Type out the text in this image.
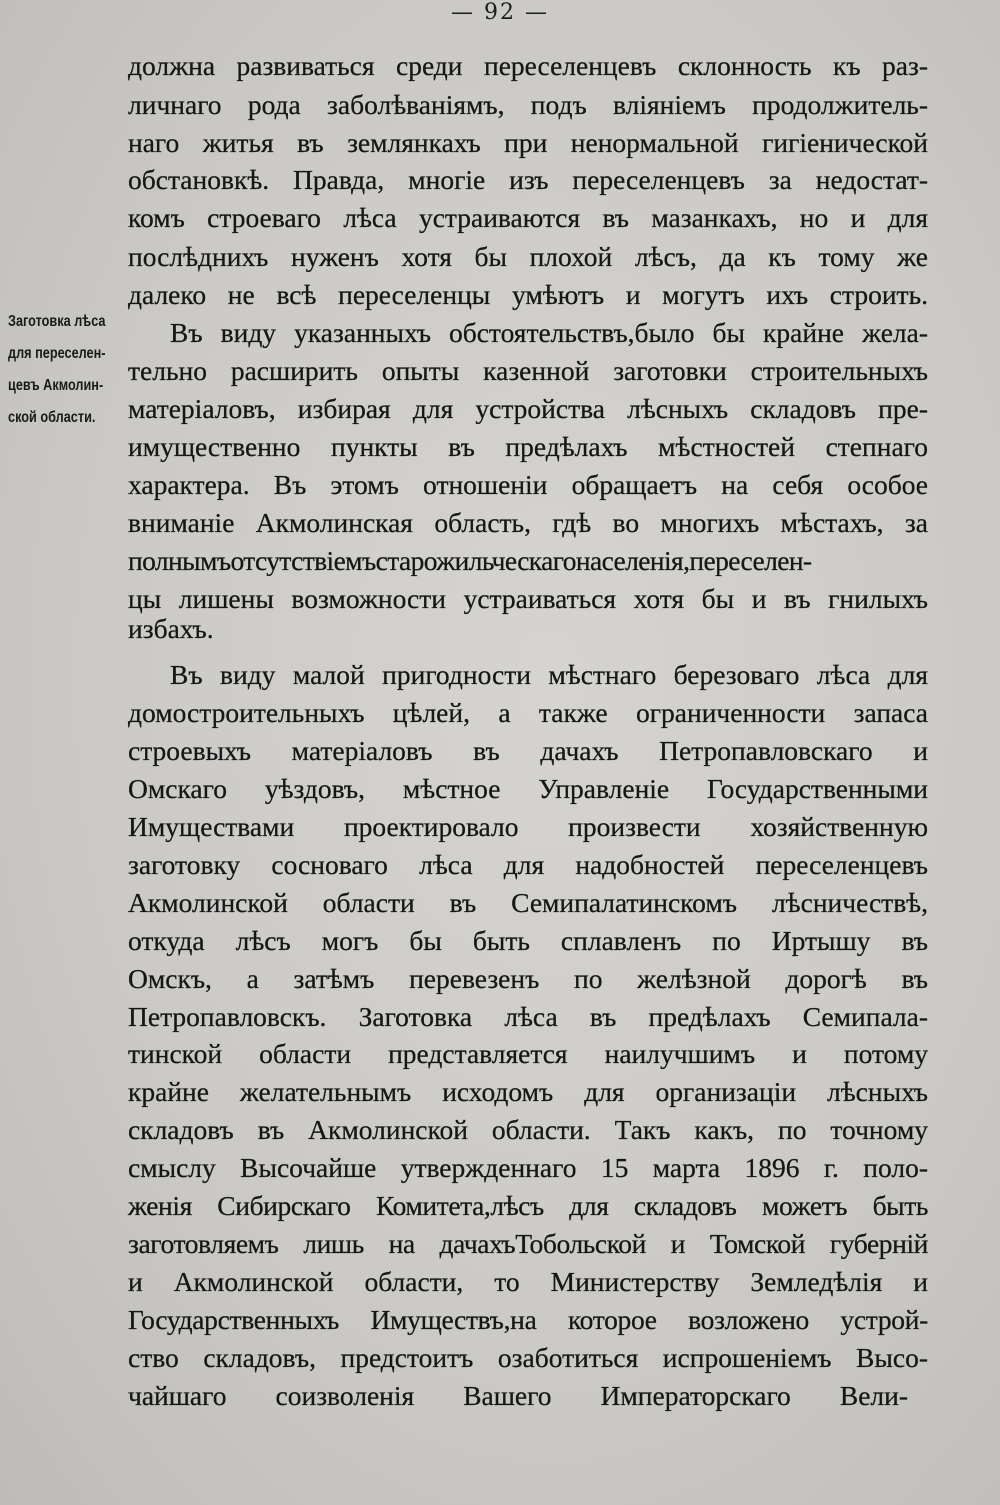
— 92 —
Заготовка лѣса
для переселен-
цевъ Акмолин-
ской области.
должна развиваться среди переселенцевъ склонность къ раз-
личнаго рода заболѣваніямъ, подъ вліяніемъ продолжитель-
наго житья въ землянкахъ при ненормальной гигіенической
обстановкѣ. Правда, многіе изъ переселенцевъ за недостат-
комъ строеваго лѣса устраиваются въ мазанкахъ, но и для
послѣднихъ нуженъ хотя бы плохой лѣсъ, да къ тому же
далеко не всѣ переселенцы умѣютъ и могутъ ихъ строить.
Въ виду указанныхъ обстоятельствъ,было бы крайне жела-
тельно расширить опыты казенной заготовки строительныхъ
матеріаловъ, избирая для устройства лѣсныхъ складовъ пре-
имущественно пункты въ предѣлахъ мѣстностей степнаго
характера. Въ этомъ отношеніи обращаетъ на себя особое
вниманіе Акмолинская область, гдѣ во многихъ мѣстахъ, за
полнымъотсутствіемъстарожильческагонаселенія,переселен-
цы лишены возможности устраиваться хотя бы и въ гнилыхъ
избахъ.
Въ виду малой пригодности мѣстнаго березоваго лѣса для
домостроительныхъ цѣлей, а также ограниченности запаса
строевыхъ матеріаловъ въ дачахъ Петропавловскаго и
Омскаго уѣздовъ, мѣстное Управленіе Государственными
Имуществами проектировало произвести хозяйственную
заготовку сосноваго лѣса для надобностей переселенцевъ
Акмолинской области въ Семипалатинскомъ лѣсничествѣ,
откуда лѣсъ могъ бы быть сплавленъ по Иртышу въ
Омскъ, а затѣмъ перевезенъ по желѣзной дорогѣ въ
Петропавловскъ. Заготовка лѣса въ предѣлахъ Семипала-
тинской области представляется наилучшимъ и потому
крайне желательнымъ исходомъ для организаціи лѣсныхъ
складовъ въ Акмолинской области. Такъ какъ, по точному
смыслу Высочайше утвержденнаго 15 марта 1896 г. поло-
женія Сибирскаго Комитета,лѣсъ для складовъ можетъ быть
заготовляемъ лишь на дачахъТобольской и Томской губерній
и Акмолинской области, то Министерству Земледѣлія и
Государственныхъ Имуществъ,на которое возложено устрой-
ство складовъ, предстоитъ озаботиться испрошеніемъ Высо-
чайшаго соизволенія Вашего Императорскаго Вели-
